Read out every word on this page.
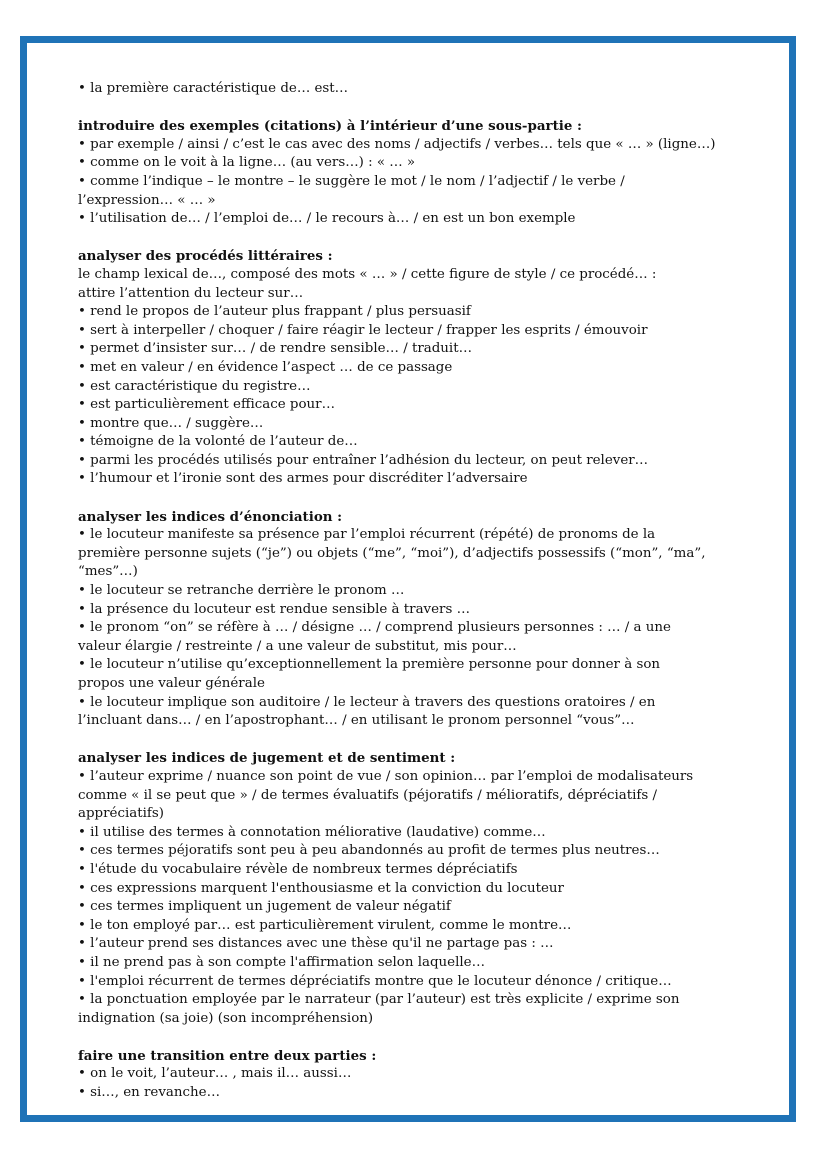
• la première caractéristique de… est…
introduire des exemples (citations) à l’intérieur d’une sous-partie :
• par exemple / ainsi / c’est le cas avec des noms / adjectifs / verbes… tels que « … » (ligne…)
• comme on le voit à la ligne… (au vers…) : « … »
• comme l’indique – le montre – le suggère le mot / le nom / l’adjectif / le verbe /
l’expression… « … »
• l’utilisation de… / l’emploi de… / le recours à… / en est un bon exemple
analyser des procédés littéraires :
le champ lexical de…, composé des mots « … » / cette figure de style / ce procédé… :
attire l’attention du lecteur sur…
• rend le propos de l’auteur plus frappant / plus persuasif
• sert à interpeller / choquer / faire réagir le lecteur / frapper les esprits / émouvoir
• permet d’insister sur… / de rendre sensible… / traduit…
• met en valeur / en évidence l’aspect … de ce passage
• est caractéristique du registre…
• est particulièrement efficace pour…
• montre que… / suggère…
• témoigne de la volonté de l’auteur de…
• parmi les procédés utilisés pour entraîner l’adhésion du lecteur, on peut relever…
• l’humour et l’ironie sont des armes pour discréditer l’adversaire
analyser les indices d’énonciation :
• le locuteur manifeste sa présence par l’emploi récurrent (répété) de pronoms de la
première personne sujets (“je”) ou objets (“me”, “moi”), d’adjectifs possessifs (“mon”, “ma”,
“mes”…)
• le locuteur se retranche derrière le pronom …
• la présence du locuteur est rendue sensible à travers …
• le pronom “on” se réfère à … / désigne … / comprend plusieurs personnes : … / a une
valeur élargie / restreinte / a une valeur de substitut, mis pour…
• le locuteur n’utilise qu’exceptionnellement la première personne pour donner à son
propos une valeur générale
• le locuteur implique son auditoire / le lecteur à travers des questions oratoires / en
l’incluant dans… / en l’apostrophant… / en utilisant le pronom personnel “vous”…
analyser les indices de jugement et de sentiment :
• l’auteur exprime / nuance son point de vue / son opinion… par l’emploi de modalisateurs
comme « il se peut que » / de termes évaluatifs (péjoratifs / mélioratifs, dépréciatifs /
appréciatifs)
• il utilise des termes à connotation méliorative (laudative) comme…
• ces termes péjoratifs sont peu à peu abandonnés au profit de termes plus neutres…
• l'étude du vocabulaire révèle de nombreux termes dépréciatifs
• ces expressions marquent l'enthousiasme et la conviction du locuteur
• ces termes impliquent un jugement de valeur négatif
• le ton employé par… est particulièrement virulent, comme le montre…
• l’auteur prend ses distances avec une thèse qu'il ne partage pas : …
• il ne prend pas à son compte l'affirmation selon laquelle…
• l'emploi récurrent de termes dépréciatifs montre que le locuteur dénonce / critique…
• la ponctuation employée par le narrateur (par l’auteur) est très explicite / exprime son
indignation (sa joie) (son incompréhension)
faire une transition entre deux parties :
• on le voit, l’auteur… , mais il… aussi…
• si…, en revanche…
